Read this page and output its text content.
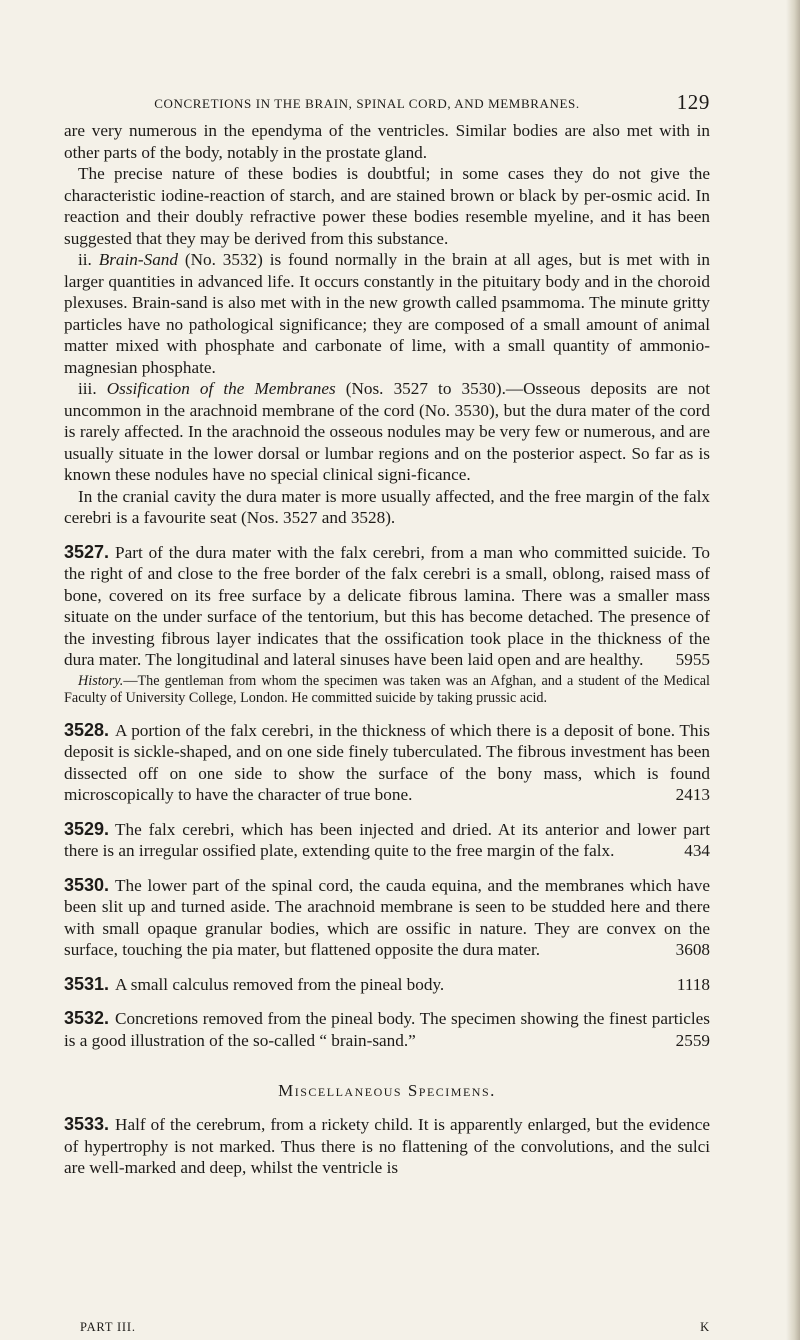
CONCRETIONS IN THE BRAIN, SPINAL CORD, AND MEMBRANES.	129

are very numerous in the ependyma of the ventricles. Similar bodies are also met with in other parts of the body, notably in the prostate gland.

The precise nature of these bodies is doubtful; in some cases they do not give the characteristic iodine-reaction of starch, and are stained brown or black by per-osmic acid. In reaction and their doubly refractive power these bodies resemble myeline, and it has been suggested that they may be derived from this substance.

ii. Brain-Sand (No. 3532) is found normally in the brain at all ages, but is met with in larger quantities in advanced life. It occurs constantly in the pituitary body and in the choroid plexuses. Brain-sand is also met with in the new growth called psammoma. The minute gritty particles have no pathological significance; they are composed of a small amount of animal matter mixed with phosphate and carbonate of lime, with a small quantity of ammonio-magnesian phosphate.

iii. Ossification of the Membranes (Nos. 3527 to 3530).—Osseous deposits are not uncommon in the arachnoid membrane of the cord (No. 3530), but the dura mater of the cord is rarely affected. In the arachnoid the osseous nodules may be very few or numerous, and are usually situate in the lower dorsal or lumbar regions and on the posterior aspect. So far as is known these nodules have no special clinical signi-ficance.

In the cranial cavity the dura mater is more usually affected, and the free margin of the falx cerebri is a favourite seat (Nos. 3527 and 3528).

3527. Part of the dura mater with the falx cerebri, from a man who committed suicide. To the right of and close to the free border of the falx cerebri is a small, oblong, raised mass of bone, covered on its free surface by a delicate fibrous lamina. There was a smaller mass situate on the under surface of the tentorium, but this has become detached. The presence of the investing fibrous layer indicates that the ossification took place in the thickness of the dura mater. The longitudinal and lateral sinuses have been laid open and are healthy. 5955

History.—The gentleman from whom the specimen was taken was an Afghan, and a student of the Medical Faculty of University College, London. He committed suicide by taking prussic acid.

3528. A portion of the falx cerebri, in the thickness of which there is a deposit of bone. This deposit is sickle-shaped, and on one side finely tuberculated. The fibrous investment has been dissected off on one side to show the surface of the bony mass, which is found microscopically to have the character of true bone.	2413

3529. The falx cerebri, which has been injected and dried. At its anterior and lower part there is an irregular ossified plate, extending quite to the free margin of the falx.	434

3530. The lower part of the spinal cord, the cauda equina, and the membranes which have been slit up and turned aside. The arachnoid membrane is seen to be studded here and there with small opaque granular bodies, which are ossific in nature. They are convex on the surface, touching the pia mater, but flattened opposite the dura mater.	3608

3531. A small calculus removed from the pineal body.	1118

3532. Concretions removed from the pineal body. The specimen showing the finest particles is a good illustration of the so-called “ brain-sand.”	2559

Miscellaneous Specimens.

3533. Half of the cerebrum, from a rickety child. It is apparently enlarged, but the evidence of hypertrophy is not marked. Thus there is no flattening of the convolutions, and the sulci are well-marked and deep, whilst the ventricle is

PART III.	K
